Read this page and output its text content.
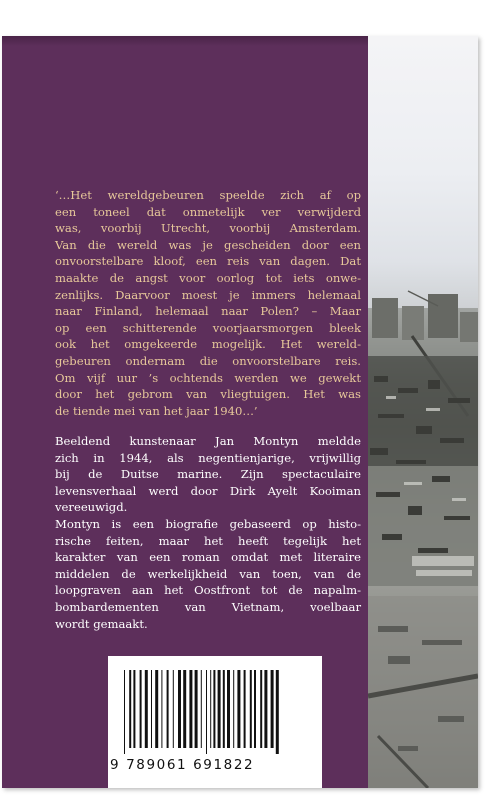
‘…Het wereldgebeuren speelde zich af op
een toneel dat onmetelijk ver verwijderd
was, voorbij Utrecht, voorbij Amsterdam.
Van die wereld was je gescheiden door een
onvoorstelbare kloof, een reis van dagen. Dat
maakte de angst voor oorlog tot iets onwe-
zenlijks. Daarvoor moest je immers helemaal
naar Finland, helemaal naar Polen? – Maar
op een schitterende voorjaarsmorgen bleek
ook het omgekeerde mogelijk. Het wereld-
gebeuren ondernam die onvoorstelbare reis.
Om vijf uur ’s ochtends werden we gewekt
door het gebrom van vliegtuigen. Het was
de tiende mei van het jaar 1940…’
Beeldend kunstenaar Jan Montyn meldde
zich in 1944, als negentienjarige, vrijwillig
bij de Duitse marine. Zijn spectaculaire
levensverhaal werd door Dirk Ayelt Kooiman
vereeuwigd.
Montyn is een biografie gebaseerd op histo-
rische feiten, maar het heeft tegelijk het
karakter van een roman omdat met literaire
middelen de werkelijkheid van toen, van de
loopgraven aan het Oostfront tot de napalm-
bombardementen van Vietnam, voelbaar
wordt gemaakt.
9 789061 691822
